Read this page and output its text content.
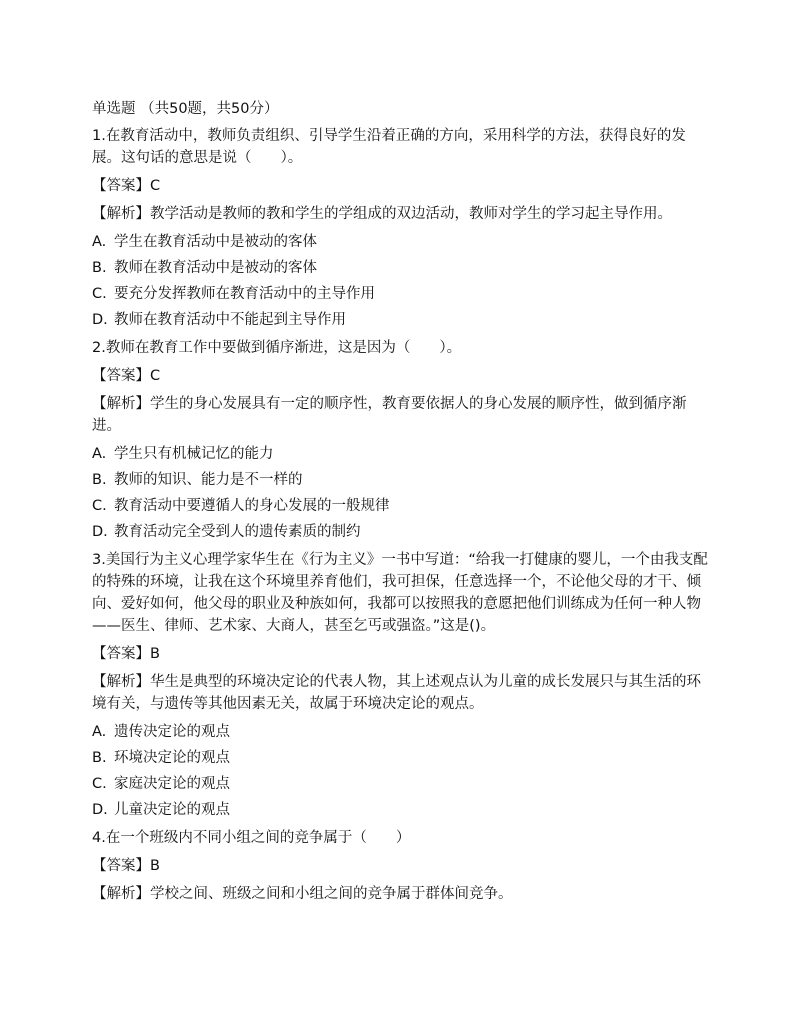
单选题 （共50题，共50分）
1.在教育活动中，教师负责组织、引导学生沿着正确的方向，采用科学的方法，获得良好的发展。这句话的意思是说（　　）。
【答案】C
【解析】教学活动是教师的教和学生的学组成的双边活动，教师对学生的学习起主导作用。
A. 学生在教育活动中是被动的客体
B. 教师在教育活动中是被动的客体
C. 要充分发挥教师在教育活动中的主导作用
D. 教师在教育活动中不能起到主导作用
2.教师在教育工作中要做到循序渐进，这是因为（　　）。
【答案】C
【解析】学生的身心发展具有一定的顺序性，教育要依据人的身心发展的顺序性，做到循序渐进。
A. 学生只有机械记忆的能力
B. 教师的知识、能力是不一样的
C. 教育活动中要遵循人的身心发展的一般规律
D. 教育活动完全受到人的遗传素质的制约
3.美国行为主义心理学家华生在《行为主义》一书中写道：“给我一打健康的婴儿，一个由我支配的特殊的环境，让我在这个环境里养育他们，我可担保，任意选择一个，不论他父母的才干、倾向、爱好如何，他父母的职业及种族如何，我都可以按照我的意愿把他们训练成为任何一种人物——医生、律师、艺术家、大商人，甚至乞丐或强盗。”这是()。
【答案】B
【解析】华生是典型的环境决定论的代表人物，其上述观点认为儿童的成长发展只与其生活的环境有关，与遗传等其他因素无关，故属于环境决定论的观点。
A. 遗传决定论的观点
B. 环境决定论的观点
C. 家庭决定论的观点
D. 儿童决定论的观点
4.在一个班级内不同小组之间的竞争属于（　　）
【答案】B
【解析】学校之间、班级之间和小组之间的竞争属于群体间竞争。
